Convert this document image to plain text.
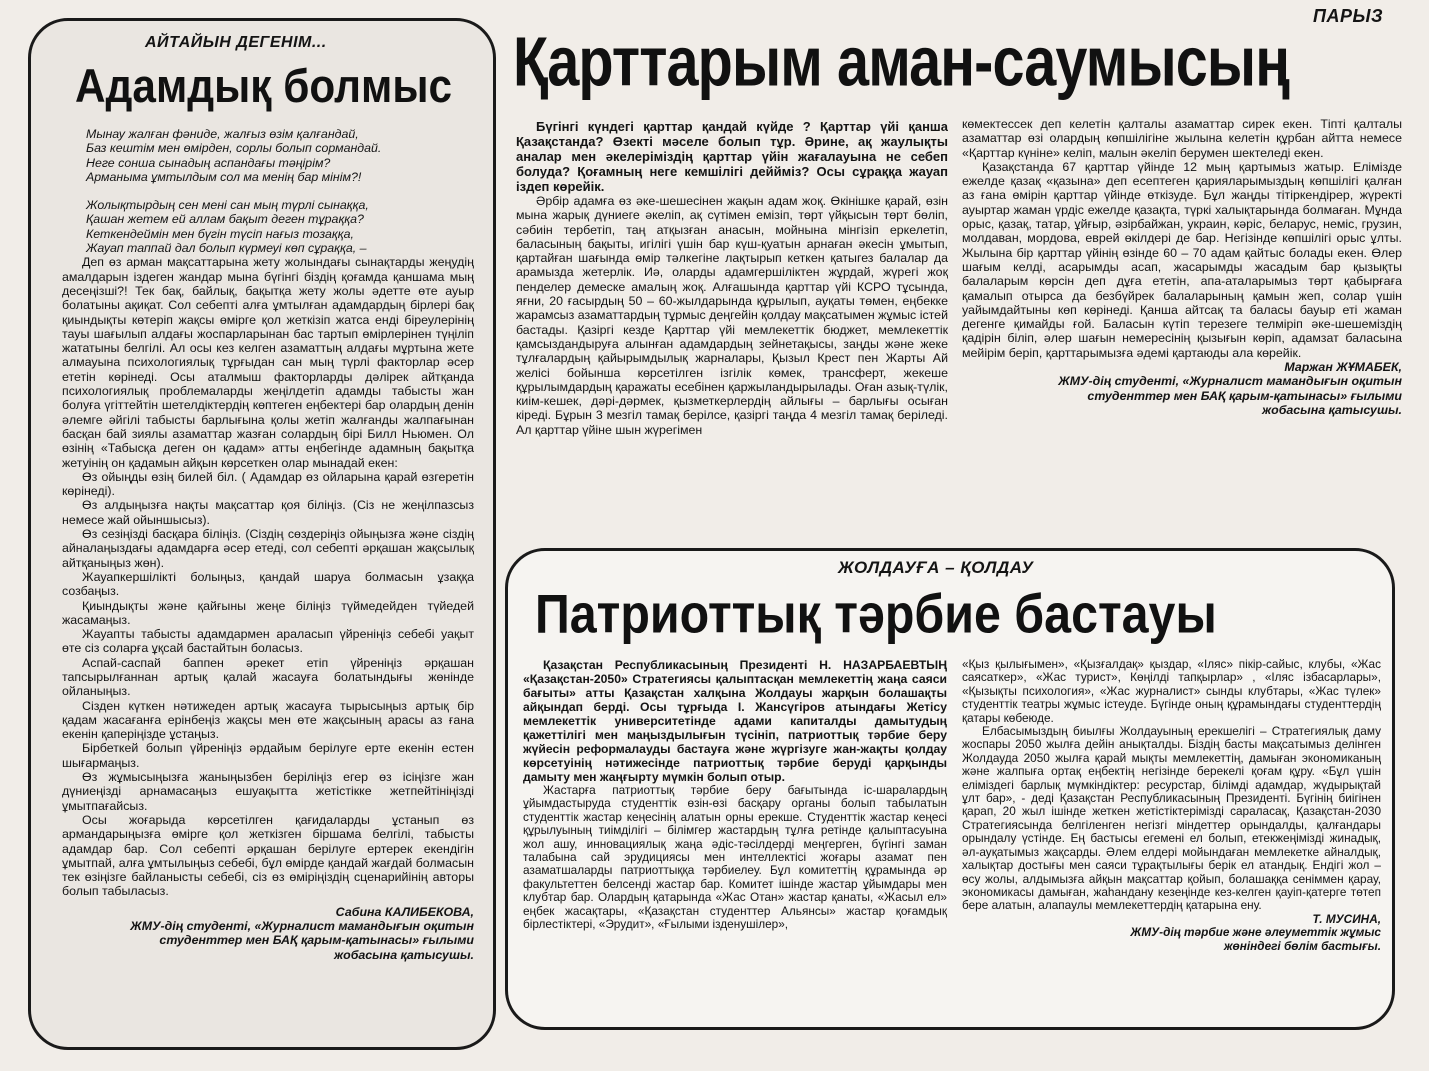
ПАРЫЗ
АЙТАЙЫН ДЕГЕНІМ...
Адамдық болмыс

Мынау жалған фәниде, жалғыз өзім қалғандай,

Баз кештім мен өмірден, сорлы болып сормандай.

Неге сонша сынадың аспандағы тәңірім?

Арманыма ұмтылдым сол ма менің бар мінім?!

Жолықтырдың сен мені сан мың түрлі сынаққа,

Қашан жетем ей аллам бақыт деген тұраққа?

Кеткендеймін мен бүгін түсіп нағыз тозаққа,

Жауап таппай дал болып күрмеуі көп сұраққа, –

Деп өз арман мақсаттарына жету жолындағы сынақтарды жеңудің амалдарын іздеген жандар мына бүгінгі біздің қоғамда қаншама мың десеңізші?! Тек бақ, байлық, бақытқа жету жолы әдетте өте ауыр болатыны ақиқат. Сол себепті алға ұмтылған адамдардың бірлері бақ қиындықты көтеріп жақсы өмірге қол жеткізіп жатса енді біреулерінің тауы шағылып алдағы жоспарларынан бас тартып өмірлерінен түңіліп жататыны белгілі. Ал осы кез келген азаматтың алдағы мұртына жете алмауына психологиялық тұрғыдан сан мың түрлі факторлар әсер ететін көрінеді. Осы аталмыш факторларды дәлірек айтқанда психологиялық проблемаларды жеңілдетіп адамды табысты жан болуға үгіттейтін шетелдіктердің көптеген еңбектері бар олардың денін әлемге әйгілі табысты барлығына қолы жетіп жалғанды жалпағынан басқан бай зиялы азаматтар жазған солардың бірі Билл Ньюмен. Ол өзінің «Табысқа деген он қадам» атты еңбегінде адамның бақытқа жетуінің он қадамын айқын көрсеткен олар мынадай екен:

Өз ойыңды өзің билей біл. ( Адамдар өз ойларына қарай өзгеретін көрінеді).

Өз алдыңызға нақты мақсаттар қоя біліңіз. (Сіз не жеңілпазсыз немесе жай ойыншысыз).

Өз сезіңізді басқара біліңіз. (Сіздің сөздеріңіз ойыңызға және сіздің айналаңыздағы адамдарға әсер етеді, сол себепті әрқашан жақсылық айтқаныңыз жөн).

Жауапкершілікті болыңыз, қандай шаруа болмасын ұзаққа созбаңыз.

Қиындықты және қайғыны жеңе біліңіз түймедейден түйедей жасамаңыз.

Жауапты табысты адамдармен араласып үйреніңіз себебі уақыт өте сіз соларға ұқсай бастайтын боласыз.

Аспай-саспай баппен әрекет етіп үйреніңіз әрқашан тапсырылғаннан артық қалай жасауға болатындығы жөнінде ойланыңыз.

Сізден күткен нәтижеден артық жасауға тырысыңыз артық бір қадам жасағанға ерінбеңіз жақсы мен өте жақсының арасы аз ғана екенін қаперіңізде ұстаңыз.

Бірбеткей болып үйреніңіз әрдайым берілуге ерте екенін естен шығармаңыз.

Өз жұмысыңызға жаныңызбен беріліңіз егер өз ісіңізге жан дүниеңізді арнамасаңыз ешуақытта жетістікке жетпейтініңізді ұмытпағайсыз.

Осы жоғарыда көрсетілген қағидаларды ұстанып өз армандарыңызға өмірге қол жеткізген біршама белгілі, табысты адамдар бар. Сол себепті әрқашан берілуге ертерек екендігін ұмытпай, алға ұмтылыңыз себебі, бұл өмірде қандай жағдай болмасын тек өзіңізге байланысты себебі, сіз өз өміріңіздің сценарийінің авторы болып табыласыз.

Сабина КАЛИБЕКОВА,

ЖМУ-дің студенті, «Журналист мамандығын оқитын студенттер мен БАҚ қарым-қатынасы» ғылыми жобасына қатысушы.

Қарттарым аман-саумысың

Бүгінгі күндегі қарттар қандай күйде ? Қарттар үйі қанша Қазақстанда? Өзекті мәселе болып тұр. Әрине, ақ жаулықты аналар мен әкелеріміздің қарттар үйін жағалауына не себеп болуда? Қоғамның неге кемшілігі деййміз? Осы сұраққа жауап іздеп көрейік.

Әрбір адамға өз әке-шешесінен жақын адам жоқ. Өкінішке қарай, өзін мына жарық дүниеге әкеліп, ақ сүтімен емізіп, төрт үйқысын төрт бөліп, сәбиін тербетіп, таң атқызған анасын, мойнына мінгізіп еркелетіп, баласының бақыты, игілігі үшін бар күш-қуатын арнаған әкесін ұмытып, қартайған шағында өмір тәлкегіне лақтырып кеткен қатыгез балалар да арамызда жетерлік. Иә, оларды адамгершіліктен жұрдай, жүрегі жоқ пенделер демеске амалың жоқ. Алғашында қарттар үйі КСРО тұсында, яғни, 20 ғасырдың 50 – 60-жылдарында құрылып, ауқаты төмен, еңбекке жарамсыз азаматтардың тұрмыс деңгейін қолдау мақсатымен жұмыс істей бастады. Қазіргі кезде Қарттар үйі мемлекеттік бюджет, мемлекеттік қамсыздандыруға алынған адамдардың зейнетақысы, заңды және жеке тұлғалардың қайырымдылық жарналары, Қызыл Крест пен Жарты Ай желісі бойынша көрсетілген ізгілік көмек, трансферт, жекеше құрылымдардың қаражаты есебінен қаржыландырылады. Оған азық-түлік, киім-кешек, дәрі-дәрмек, қызметкерлердің айлығы – барлығы осыған кіреді. Бұрын 3 мезгіл тамақ берілсе, қазіргі таңда 4 мезгіл тамақ беріледі. Ал қарттар үйіне шын жүрегімен

көмектессек деп келетін қалталы азаматтар сирек екен. Тіпті қалталы азаматтар өзі олардың көпшілігіне жылына келетін құрбан айтта немесе «Қарттар күніне» келіп, малын әкеліп берумен шектеледі екен.

Қазақстанда 67 қарттар үйінде 12 мың қартымыз жатыр. Елімізде ежелде қазақ «қазына» деп есептеген қарияларымыздың көпшілігі қалған аз ғана өмірін қарттар үйінде өткізуде. Бұл жаңды тітіркендірер, жүректі ауыртар жаман үрдіс ежелде қазақта, түркі халықтарында болмаған. Мұнда орыс, қазақ, татар, ұйғыр, әзірбайжан, украин, кәріс, беларус, неміс, грузин, молдаван, мордова, еврей өкілдері де бар. Негізінде көпшілігі орыс ұлты. Жылына бір қарттар үйінің өзінде 60 – 70 адам қайтыс болады екен. Өлер шағым келді, асарымды асап, жасарымды жасадым бар қызықты балаларым көрсін деп дұға ететін, апа-аталарымыз төрт қабырғаға қамалып отырса да безбүйрек балаларының қамын жеп, солар үшін уайымдайтыны көп көрінеді. Қанша айтсақ та баласы бауыр еті жаман дегенге қимайды ғой. Баласын күтіп терезеге телміріп әке-шешеміздің қадірін біліп, әлер шағын немересінің қызығын көріп, адамзат баласына мейірім беріп, қарттарымызға әдемі қартаюды ала көрейік.

Маржан ЖҰМАБЕК,

ЖМУ-дің студенті, «Журналист мамандығын оқитын студенттер мен БАҚ қарым-қатынасы» ғылыми жобасына қатысушы.

ЖОЛДАУҒА – ҚОЛДАУ
Патриоттық тәрбие бастауы

Қазақстан Республикасының Президенті Н. НАЗАРБАЕВТЫҢ «Қазақстан-2050» Стратегиясы қалыптасқан мемлекеттің жаңа саяси бағыты» атты Қазақстан халқына Жолдауы жарқын болашақты айқындап берді. Осы тұрғыда І. Жансүгіров атындағы Жетісу мемлекеттік университетінде адами капиталды дамытудың қажеттілігі мен маңыздылығын түсініп, патриоттық тәрбие беру жүйесін реформалауды бастауға және жүргізуге жан-жақты қолдау көрсетуінің нәтижесінде патриоттық тәрбие беруді қарқынды дамыту мен жаңғырту мүмкін болып отыр.

Жастарға патриоттық тәрбие беру бағытында іс-шаралардың ұйымдастыруда студенттік өзін-өзі басқару органы болып табылатын студенттік жастар кеңесінің алатын орны ерекше. Студенттік жастар кеңесі құрылуының тиімділігі – білімгер жастардың тұлға ретінде қалыптасуына жол ашу, инновациялық жаңа әдіс-тәсілдерді меңгерген, бүгінгі заман талабына сай эрудициясы мен интеллектісі жоғары азамат пен азаматшаларды патриоттыққа тәрбиелеу. Бұл комитеттің құрамында әр факультеттен белсенді жастар бар. Комитет ішінде жастар ұйымдары мен клубтар бар. Олардың қатарында «Жас Отан» жастар қанаты, «Жасыл ел» еңбек жасақтары, «Қазақстан студенттер Альянсы» жастар қоғамдық бірлестіктері, «Эрудит», «Ғылыми ізденушілер»,

«Қыз қылығымен», «Қызғалдақ» қыздар, «Іляс» пікір-сайыс, клубы, «Жас саясаткер», «Жас турист», Көңілді тапқырлар» , «Іляс ізбасарлары», «Қызықты психология», «Жас журналист» сынды клубтары, «Жас түлек» студенттік театры жұмыс істеуде. Бүгінде оның құрамындағы студенттердің қатары көбеюде.

Елбасымыздың биылғы Жолдауының ерекшелігі – Стратегиялық даму жоспары 2050 жылға дейін анықталды. Біздің басты мақсатымыз делінген Жолдауда 2050 жылға қарай мықты мемлекеттің, дамыған экономиканың және жалпыға ортақ еңбектің негізінде берекелі қоғам құру. «Бұл үшін еліміздегі барлық мүмкіндіктер: ресурстар, білімді адамдар, жүдырықтай ұлт бар», - деді Қазақстан Республикасының Президенті. Бүгінің биігінен қарап, 20 жыл ішінде жеткен жетістіктерімізді сараласақ, Қазақстан-2030 Стратегиясында белгіленген негізгі міндеттер орындалды, қалғандары орындалу үстінде. Ең бастысы егемені ел болып, етекжеңімізді жинадық, әл-ауқатымыз жақсарды. Әлем елдері мойындаған мемлекетке айналдық, халықтар достығы мен саяси тұрақтылығы берік ел атандық. Ендігі жол – өсу жолы, алдымызға айқын мақсаттар қойып, болашаққа сеніммен қарау, экономикасы дамыған, жаһандану кезеңінде кез-келген қауіп-қатерге төтеп бере алатын, алапаулы мемлекеттердің қатарына ену.

Т. МУСИНА,

ЖМУ-дің тәрбие және әлеуметтік жұмыс жөніндегі бөлім бастығы.
